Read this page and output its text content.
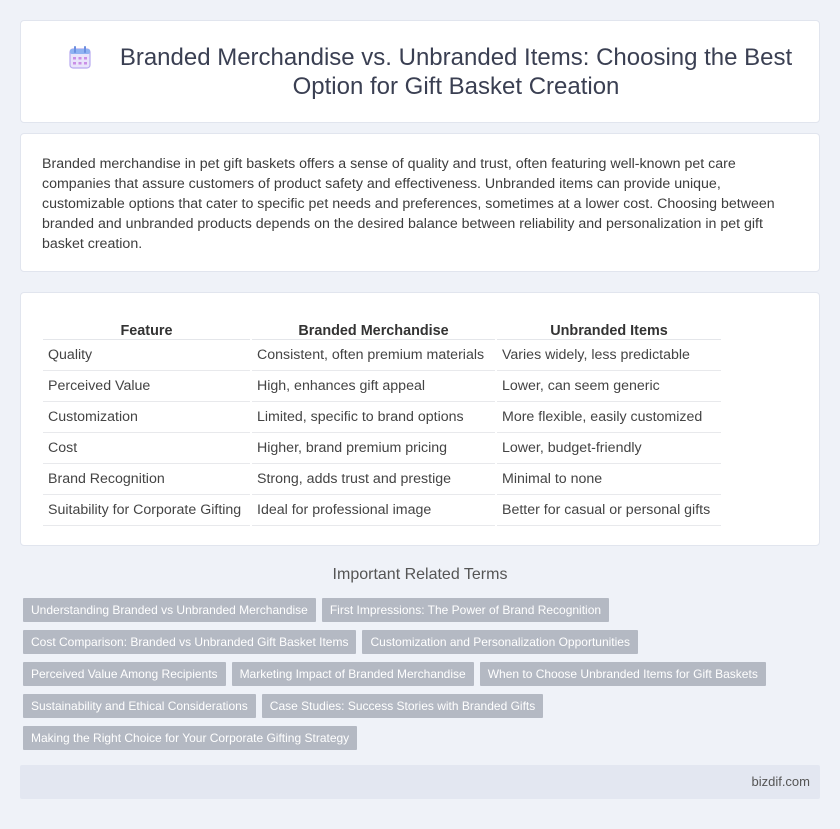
Branded Merchandise vs. Unbranded Items: Choosing the Best Option for Gift Basket Creation

Branded merchandise in pet gift baskets offers a sense of quality and trust, often featuring well-known pet care companies that assure customers of product safety and effectiveness. Unbranded items can provide unique, customizable options that cater to specific pet needs and preferences, sometimes at a lower cost. Choosing between branded and unbranded products depends on the desired balance between reliability and personalization in pet gift basket creation.

Feature	Branded Merchandise	Unbranded Items
Quality	Consistent, often premium materials	Varies widely, less predictable
Perceived Value	High, enhances gift appeal	Lower, can seem generic
Customization	Limited, specific to brand options	More flexible, easily customized
Cost	Higher, brand premium pricing	Lower, budget-friendly
Brand Recognition	Strong, adds trust and prestige	Minimal to none
Suitability for Corporate Gifting	Ideal for professional image	Better for casual or personal gifts
Important Related Terms
Understanding Branded vs Unbranded Merchandise First Impressions: The Power of Brand Recognition
Cost Comparison: Branded vs Unbranded Gift Basket Items Customization and Personalization Opportunities
Perceived Value Among Recipients Marketing Impact of Branded Merchandise When to Choose Unbranded Items for Gift Baskets
Sustainability and Ethical Considerations Case Studies: Success Stories with Branded Gifts
Making the Right Choice for Your Corporate Gifting Strategy
bizdif.com
